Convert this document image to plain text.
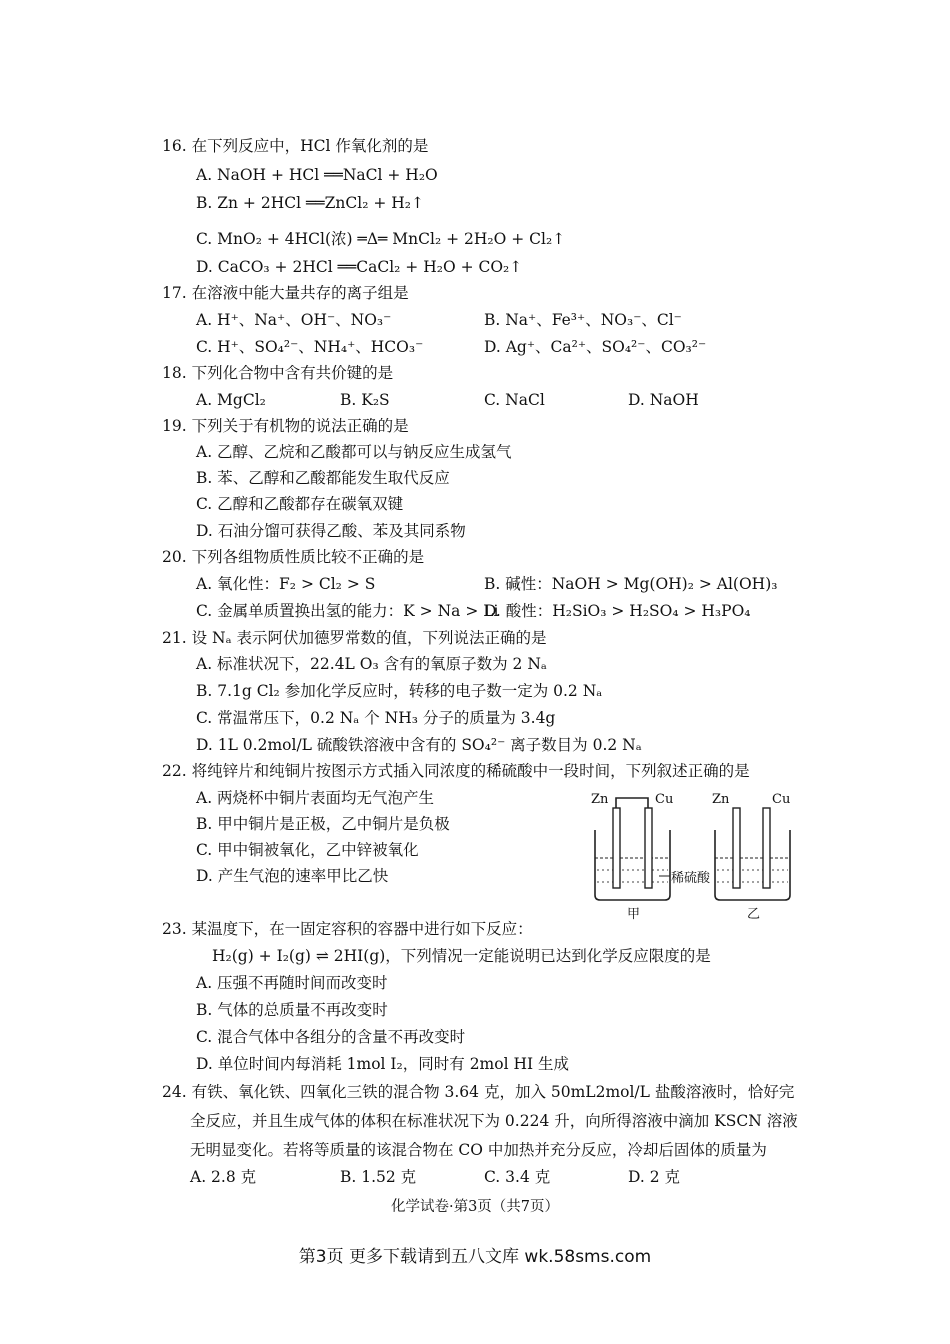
16. 在下列反应中，HCl 作氧化剂的是
A. NaOH + HCl ══NaCl + H₂O
B. Zn + 2HCl ══ZnCl₂ + H₂↑
C. MnO₂ + 4HCl(浓) ═Δ═ MnCl₂ + 2H₂O + Cl₂↑
D. CaCO₃ + 2HCl ══CaCl₂ + H₂O + CO₂↑
17. 在溶液中能大量共存的离子组是
A. H⁺、Na⁺、OH⁻、NO₃⁻	B. Na⁺、Fe³⁺、NO₃⁻、Cl⁻
C. H⁺、SO₄²⁻、NH₄⁺、HCO₃⁻	D. Ag⁺、Ca²⁺、SO₄²⁻、CO₃²⁻
18. 下列化合物中含有共价键的是
A. MgCl₂	B. K₂S	C. NaCl	D. NaOH
19. 下列关于有机物的说法正确的是
A. 乙醇、乙烷和乙酸都可以与钠反应生成氢气
B. 苯、乙醇和乙酸都能发生取代反应
C. 乙醇和乙酸都存在碳氧双键
D. 石油分馏可获得乙酸、苯及其同系物
20. 下列各组物质性质比较不正确的是
A. 氧化性：F₂ > Cl₂ > S	B. 碱性：NaOH > Mg(OH)₂ > Al(OH)₃
C. 金属单质置换出氢的能力：K > Na > Li
D. 酸性：H₂SiO₃ > H₂SO₄ > H₃PO₄
21. 设 Nₐ 表示阿伏加德罗常数的值，下列说法正确的是
A. 标准状况下，22.4L O₃ 含有的氧原子数为 2 Nₐ
B. 7.1g Cl₂ 参加化学反应时，转移的电子数一定为 0.2 Nₐ
C. 常温常压下，0.2 Nₐ 个 NH₃ 分子的质量为 3.4g
D. 1L 0.2mol/L 硫酸铁溶液中含有的 SO₄²⁻ 离子数目为 0.2 Nₐ
22. 将纯锌片和纯铜片按图示方式插入同浓度的稀硫酸中一段时间，下列叙述正确的是
A. 两烧杯中铜片表面均无气泡产生
B. 甲中铜片是正极，乙中铜片是负极
C. 甲中铜被氧化，乙中锌被氧化
D. 产生气泡的速率甲比乙快
Zn	Cu	Zn	Cu
稀硫酸
甲	乙
23. 某温度下，在一固定容积的容器中进行如下反应：
H₂(g) + I₂(g) ⇌ 2HI(g)，下列情况一定能说明已达到化学反应限度的是
A. 压强不再随时间而改变时
B. 气体的总质量不再改变时
C. 混合气体中各组分的含量不再改变时
D. 单位时间内每消耗 1mol I₂，同时有 2mol HI 生成
24. 有铁、氧化铁、四氧化三铁的混合物 3.64 克，加入 50mL2mol/L 盐酸溶液时，恰好完
全反应，并且生成气体的体积在标准状况下为 0.224 升，向所得溶液中滴加 KSCN 溶液
无明显变化。若将等质量的该混合物在 CO 中加热并充分反应，冷却后固体的质量为
A. 2.8 克	B. 1.52 克	C. 3.4 克	D. 2 克
化学试卷·第3页（共7页）
第3页 更多下载请到五八文库 wk.58sms.com
